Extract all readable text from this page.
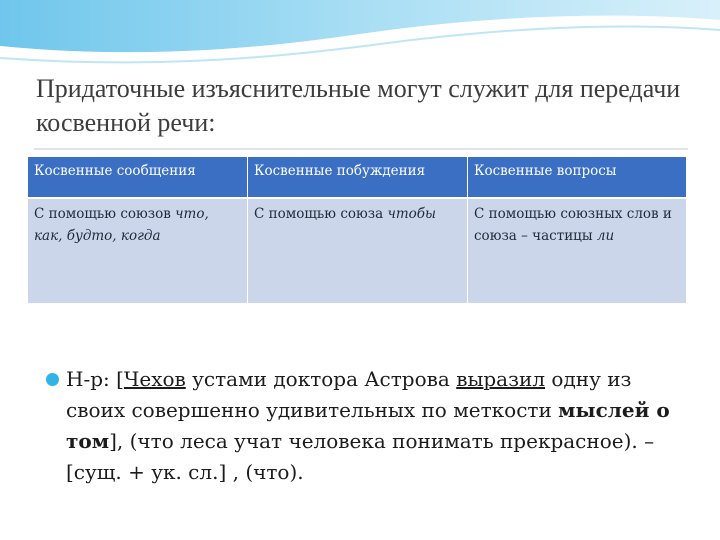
Придаточные изъяснительные могут служит для передачи косвенной речи:
Косвенные сообщения	Косвенные побуждения	Косвенные вопросы
С помощью союзов что, как, будто, когда	С помощью союза чтобы	С помощью союзных слов и союза – частицы ли
Н-р: [Чехов устами доктора Астрова выразил одну из своих совершенно удивительных по меткости мыслей о том], (что леса учат человека понимать прекрасное). – [сущ. + ук. сл.] , (что).
